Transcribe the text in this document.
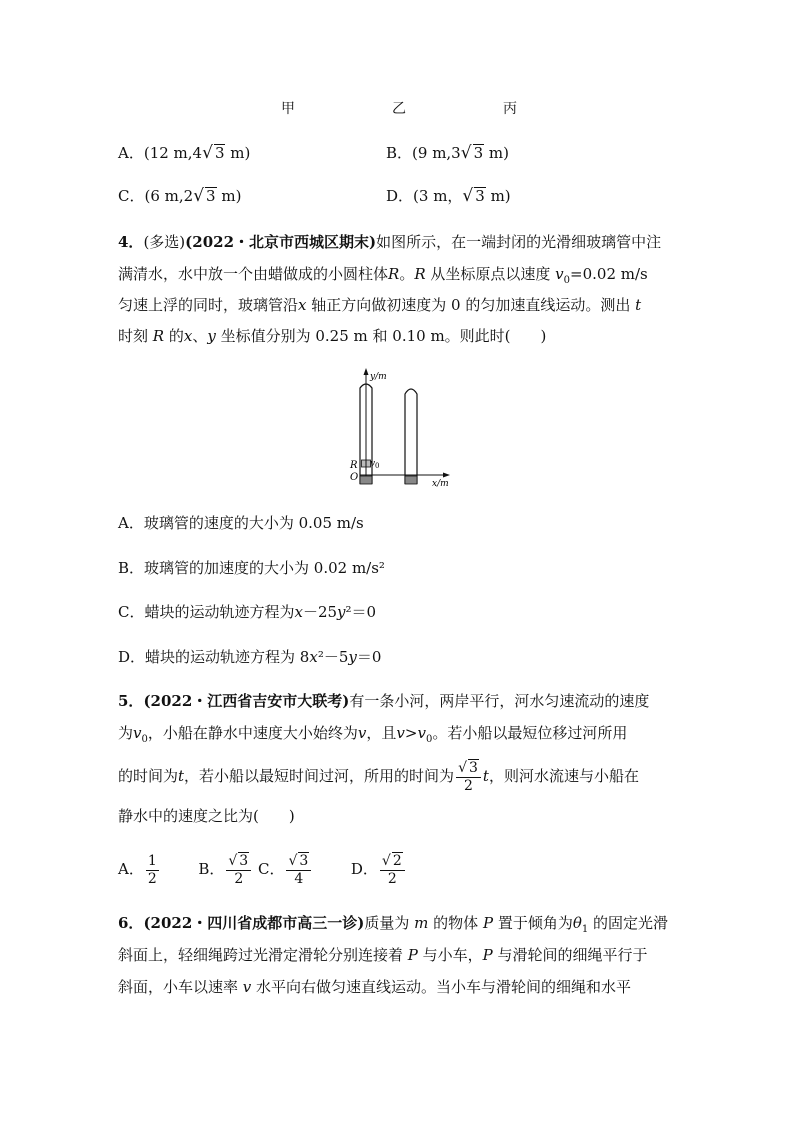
甲	乙	丙
A．(12 m,4√ 3 m)	B．(9 m,3√ 3 m)
C．(6 m,2√ 3 m)	D．(3 m，√ 3 m)
4．(多选)(2022・北京市西城区期末)如图所示，在一端封闭的光滑细玻璃管中注
满清水，水中放一个由蜡做成的小圆柱体R。R 从坐标原点以速度 $v_0=0.02$ m/s
匀速上浮的同时，玻璃管沿x 轴正方向做初速度为 0 的匀加速直线运动。测出 t
时刻 R 的x、y 坐标值分别为 0.25 m 和 0.10 m。则此时(　　)
y/m
x/m
R v 0
O
A．玻璃管的速度的大小为 0.05 m/s
B．玻璃管的加速度的大小为 0.02 m/s²
C．蜡块的运动轨迹方程为x－25y²＝0
D．蜡块的运动轨迹方程为 8x²－5y＝0
5．(2022・江西省吉安市大联考)有一条小河，两岸平行，河水匀速流动的速度
为$v_0$，小船在静水中速度大小始终为v，且$v>v_0$。若小船以最短位移过河所用
的时间为t，若小船以最短时间过河，所用的时间为 $\frac{√ 3}{2}$ t，则河水流速与小船在
静水中的速度之比为(　　)
A． $\frac{1}{2}$	B． $\frac{√ 3}{2}$ C． $\frac{√ 3}{4}$	D． $\frac{√ 2}{2}$
6．(2022・四川省成都市高三一诊)质量为 m 的物体 P 置于倾角为$\theta_1$ 的固定光滑
斜面上，轻细绳跨过光滑定滑轮分别连接着 P 与小车，P 与滑轮间的细绳平行于
斜面，小车以速率 v 水平向右做匀速直线运动。当小车与滑轮间的细绳和水平
